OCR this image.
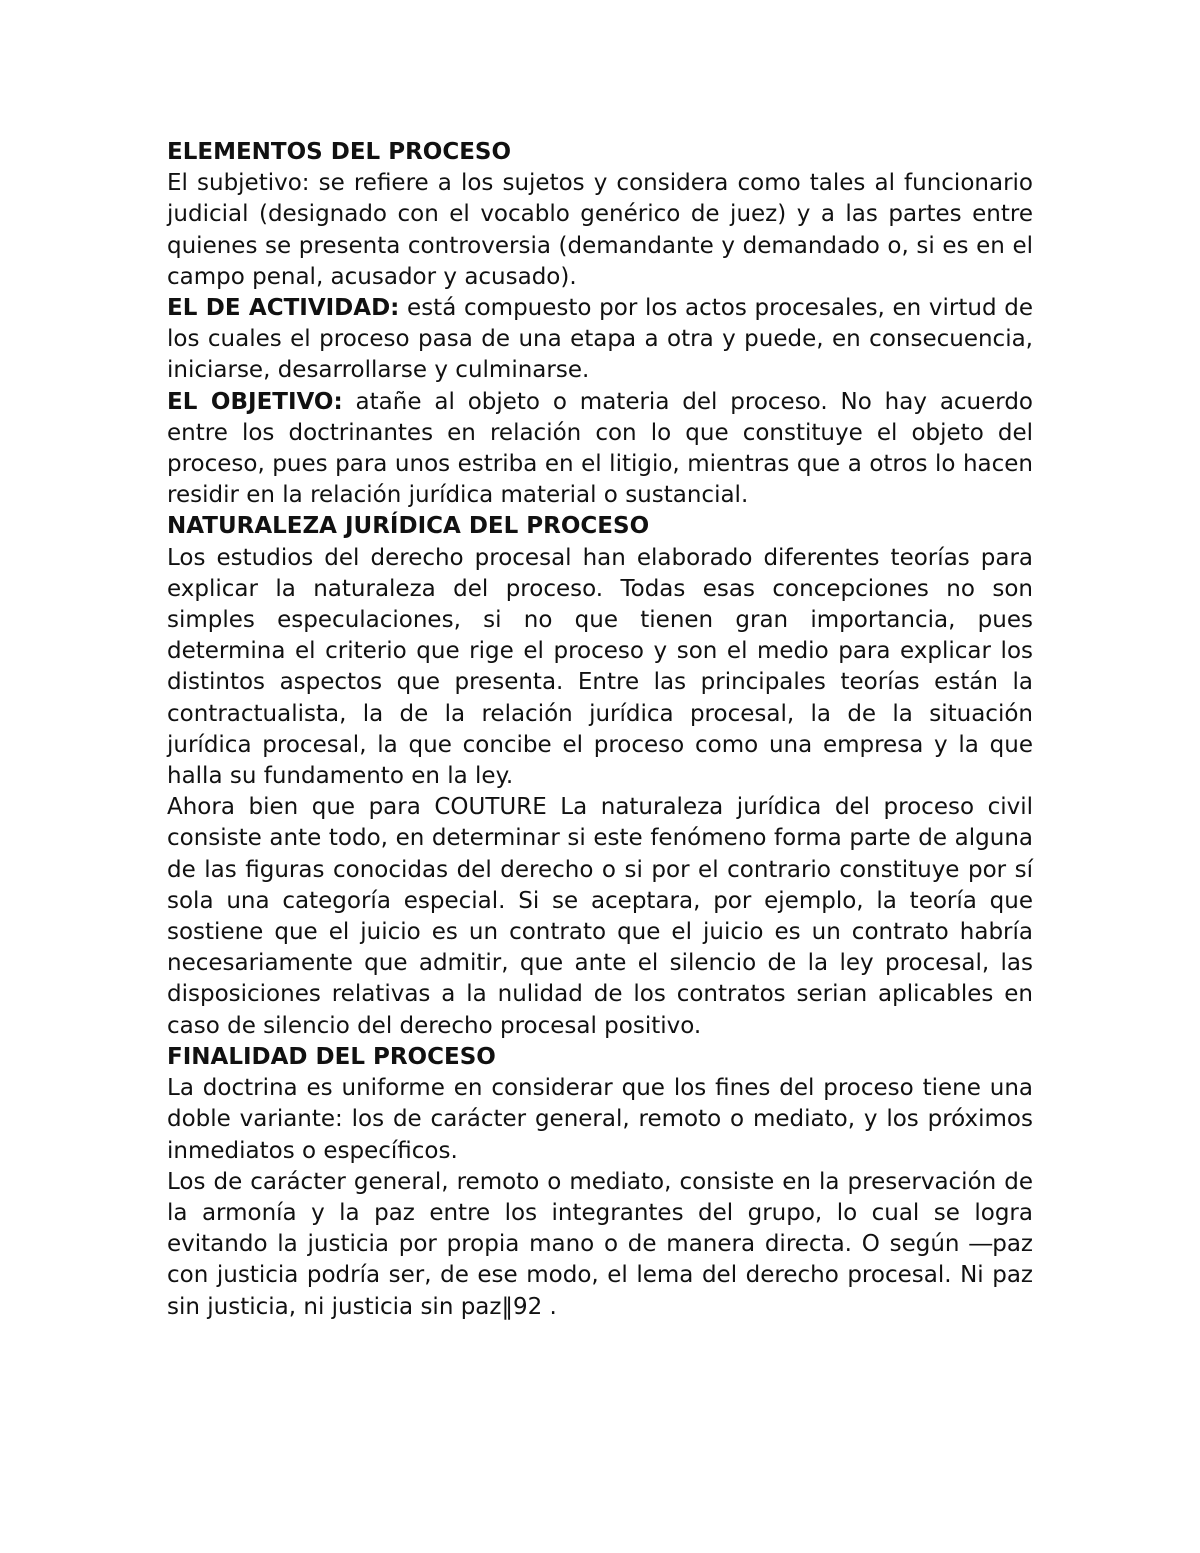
ELEMENTOS DEL PROCESO

El subjetivo: se refiere a los sujetos y considera como tales al funcionario judicial (designado con el vocablo genérico de juez) y a las partes entre quienes se presenta controversia (demandante y demandado o, si es en el campo penal, acusador y acusado).

EL DE ACTIVIDAD: está compuesto por los actos procesales, en virtud de los cuales el proceso pasa de una etapa a otra y puede, en consecuencia, iniciarse, desarrollarse y culminarse.

EL OBJETIVO: atañe al objeto o materia del proceso. No hay acuerdo entre los doctrinantes en relación con lo que constituye el objeto del proceso, pues para unos estriba en el litigio, mientras que a otros lo hacen residir en la relación jurídica material o sustancial.

NATURALEZA JURÍDICA DEL PROCESO

Los estudios del derecho procesal han elaborado diferentes teorías para explicar la naturaleza del proceso. Todas esas concepciones no son simples especulaciones, si no que tienen gran importancia, pues determina el criterio que rige el proceso y son el medio para explicar los distintos aspectos que presenta. Entre las principales teorías están la contractualista, la de la relación jurídica procesal, la de la situación jurídica procesal, la que concibe el proceso como una empresa y la que halla su fundamento en la ley.

Ahora bien que para COUTURE La naturaleza jurídica del proceso civil consiste ante todo, en determinar si este fenómeno forma parte de alguna de las figuras conocidas del derecho o si por el contrario constituye por sí sola una categoría especial. Si se aceptara, por ejemplo, la teoría que sostiene que el juicio es un contrato que el juicio es un contrato habría necesariamente que admitir, que ante el silencio de la ley procesal, las disposiciones relativas a la nulidad de los contratos serian aplicables en caso de silencio del derecho procesal positivo.

FINALIDAD DEL PROCESO

La doctrina es uniforme en considerar que los fines del proceso tiene una doble variante: los de carácter general, remoto o mediato, y los próximos inmediatos o específicos.

Los de carácter general, remoto o mediato, consiste en la preservación de la armonía y la paz entre los integrantes del grupo, lo cual se logra evitando la justicia por propia mano o de manera directa. O según ―paz con justicia podría ser, de ese modo, el lema del derecho procesal. Ni paz sin justicia, ni justicia sin paz‖92 .
